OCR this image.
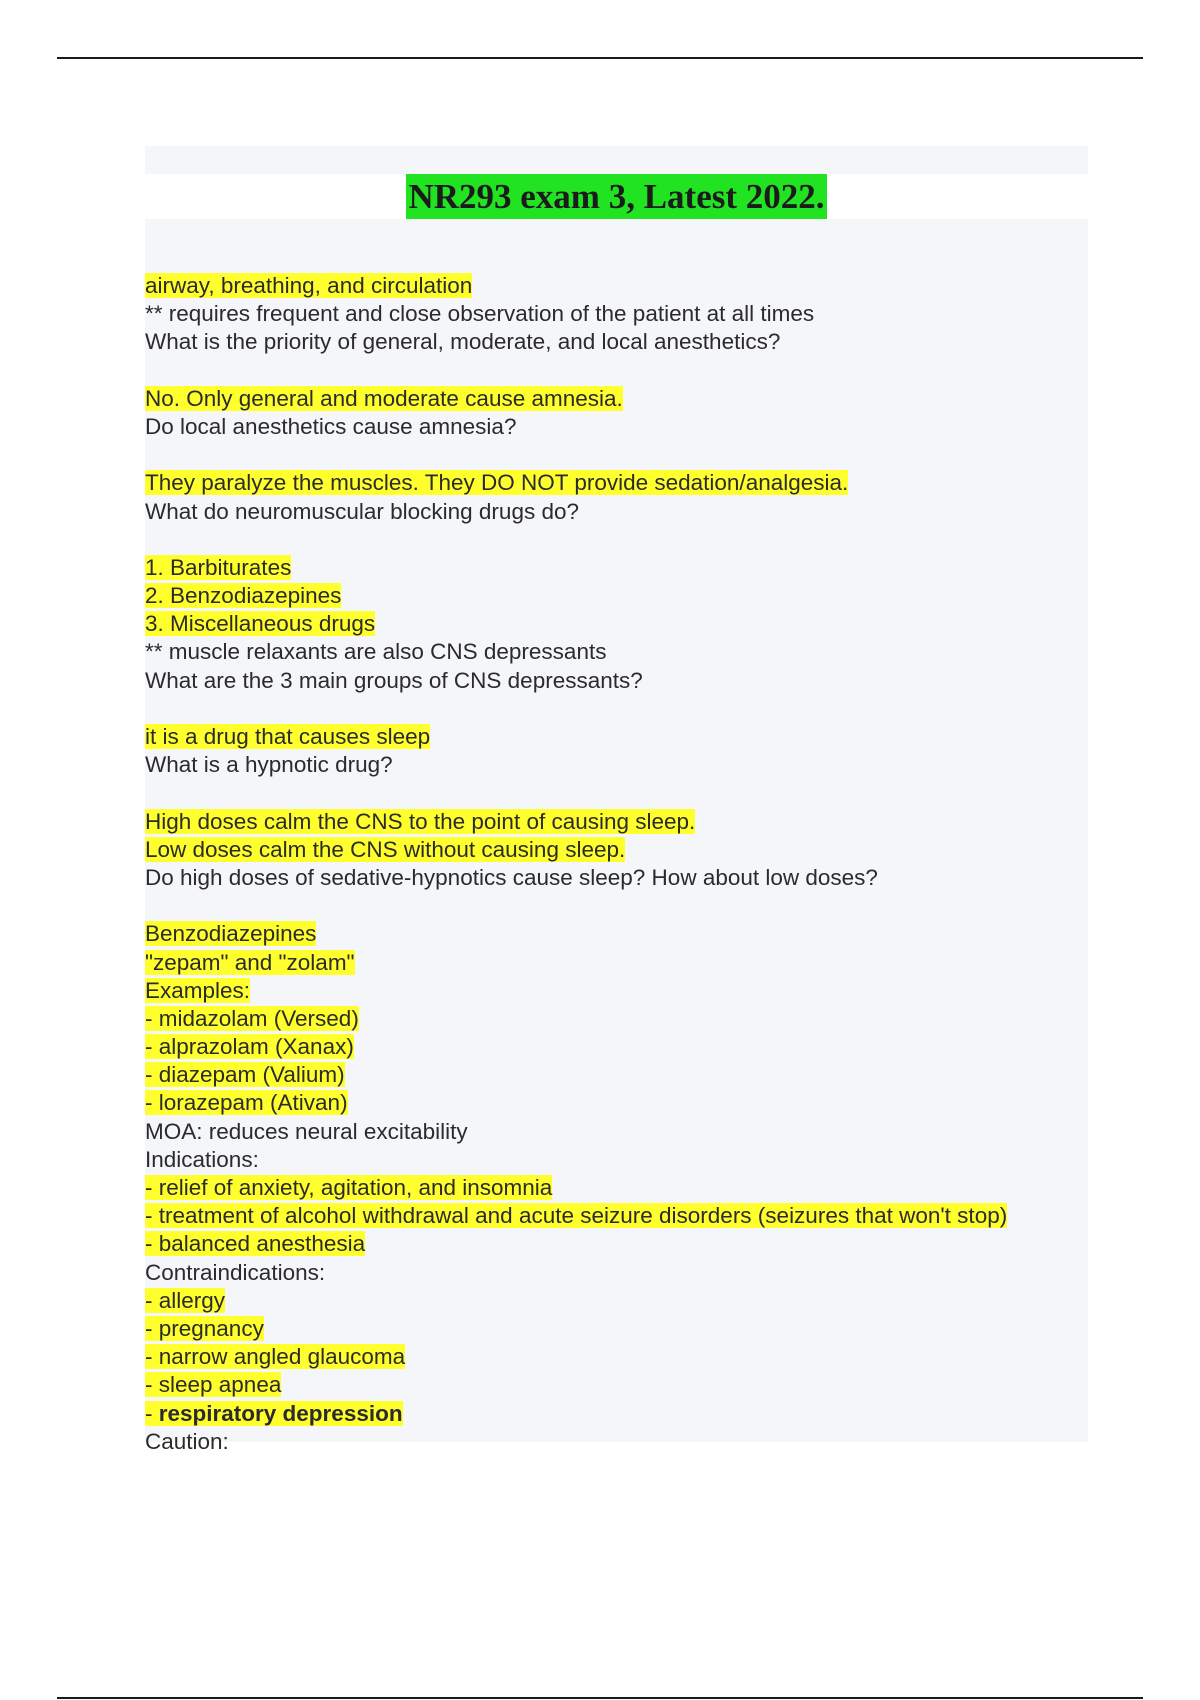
NR293 exam 3, Latest 2022.
airway, breathing, and circulation
** requires frequent and close observation of the patient at all times
What is the priority of general, moderate, and local anesthetics?
No. Only general and moderate cause amnesia.
Do local anesthetics cause amnesia?
They paralyze the muscles. They DO NOT provide sedation/analgesia.
What do neuromuscular blocking drugs do?
1. Barbiturates
2. Benzodiazepines
3. Miscellaneous drugs
** muscle relaxants are also CNS depressants
What are the 3 main groups of CNS depressants?
it is a drug that causes sleep
What is a hypnotic drug?
High doses calm the CNS to the point of causing sleep.
Low doses calm the CNS without causing sleep.
Do high doses of sedative-hypnotics cause sleep? How about low doses?
Benzodiazepines
"zepam" and "zolam"
Examples:
- midazolam (Versed)
- alprazolam (Xanax)
- diazepam (Valium)
- lorazepam (Ativan)
MOA: reduces neural excitability
Indications:
- relief of anxiety, agitation, and insomnia
- treatment of alcohol withdrawal and acute seizure disorders (seizures that won't stop)
- balanced anesthesia
Contraindications:
- allergy
- pregnancy
- narrow angled glaucoma
- sleep apnea
- respiratory depression
Caution:
